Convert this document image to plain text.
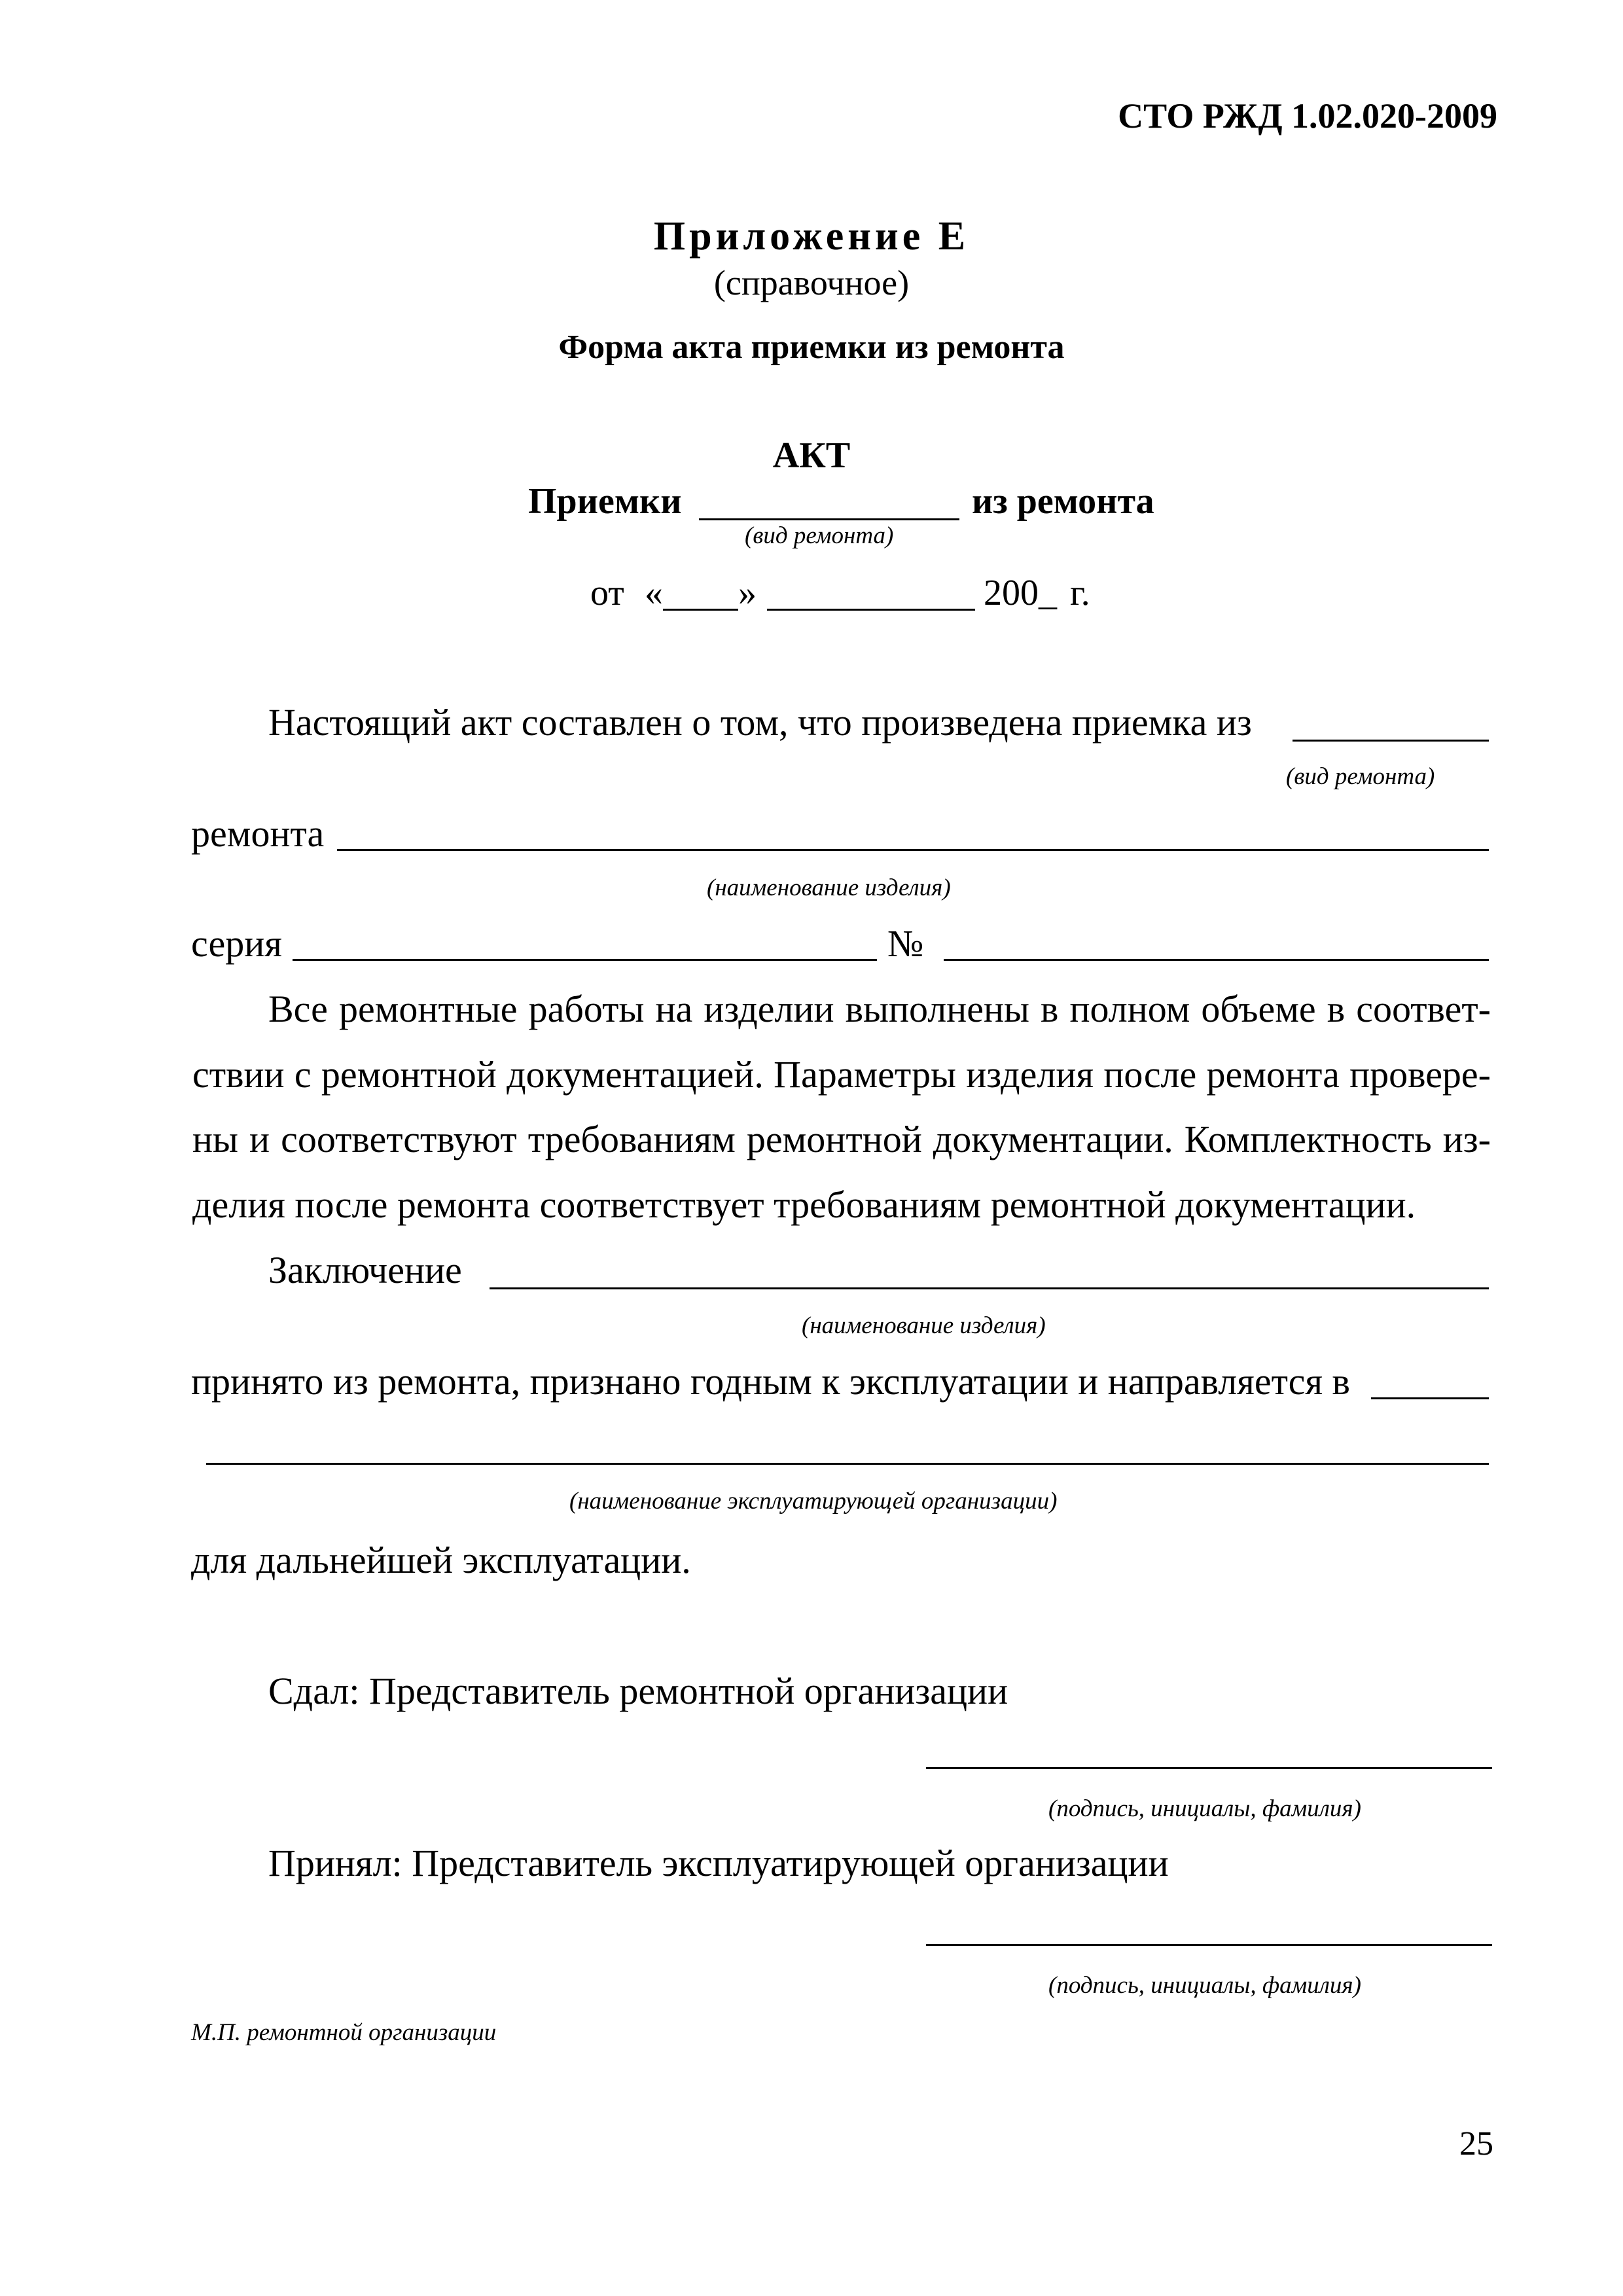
СТО РЖД 1.02.020-2009
Приложение Е
(справочное)
Форма акта приемки из ремонта
АКТ
Приемки	из ремонта
(вид ремонта)
от « »	200_ г.
Настоящий акт составлен о том, что произведена приемка из
(вид ремонта)
ремонта
(наименование изделия)
серия	№
Все ремонтные работы на изделии выполнены в полном объеме в соответ-
ствии с ремонтной документацией. Параметры изделия после ремонта провере-
ны и соответствуют требованиям ремонтной документации. Комплектность из-
делия после ремонта соответствует требованиям ремонтной документации.
Заключение
(наименование изделия)
принято из ремонта, признано годным к эксплуатации и направляется в
(наименование эксплуатирующей организации)
для дальнейшей эксплуатации.
Сдал: Представитель ремонтной организации
(подпись, инициалы, фамилия)
Принял: Представитель эксплуатирующей организации
(подпись, инициалы, фамилия)
М.П. ремонтной организации
25
